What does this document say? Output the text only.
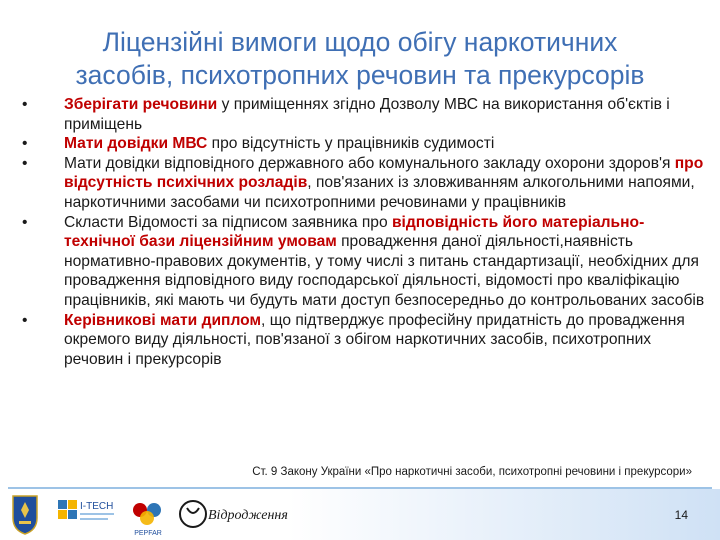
Ліцензійні вимоги щодо обігу наркотичних
засобів, психотропних речовин та прекурсорів
• Зберігати речовини у приміщеннях згідно Дозволу МВС на використання об'єктів і приміщень
• Мати довідки МВС про відсутність у працівників судимості
• Мати довідки відповідного державного або комунального закладу охорони здоров'я про відсутність психічних розладів, пов'язаних із зловживанням алкогольними напоями, наркотичними засобами чи психотропними речовинами у працівників
• Скласти Відомості за підписом заявника про відповідність його матеріально-технічної бази ліцензійним умовам провадження даної діяльності,наявність нормативно-правових документів, у тому числі з питань стандартизації, необхідних для провадження відповідного виду господарської діяльності, відомості про кваліфікацію працівників, які мають чи будуть мати доступ безпосередньо до контрольованих засобів
• Керівникові мати диплом, що підтверджує професійну придатність до провадження окремого виду діяльності, пов'язаної з обігом наркотичних засобів, психотропних речовин і прекурсорів
Ст. 9 Закону України «Про наркотичні засоби, психотропні речовини і прекурсори»
I-TECH
PEPFAR
Відродження	14
